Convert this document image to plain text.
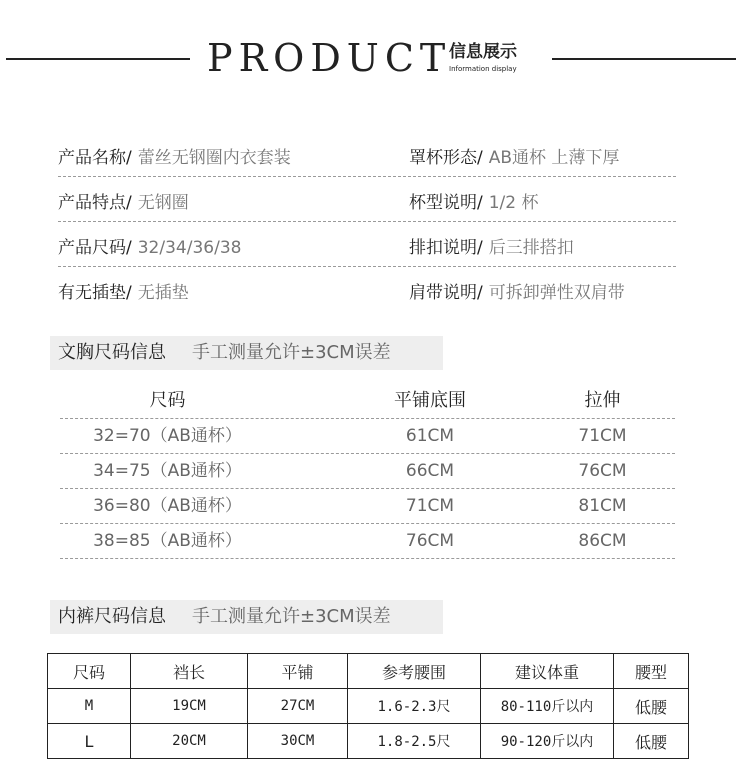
PRODUCT
信息展示
Information display
产品名称/ 蕾丝无钢圈内衣套装	罩杯形态/ AB通杯 上薄下厚
产品特点/ 无钢圈	杯型说明/ 1/2 杯
产品尺码/ 32/34/36/38	排扣说明/ 后三排搭扣
有无插垫/ 无插垫	肩带说明/ 可拆卸弹性双肩带
文胸尺码信息 手工测量允许±3CM误差
尺码	平铺底围	拉伸
32=70（AB通杯）	61CM	71CM
34=75（AB通杯）	66CM	76CM
36=80（AB通杯）	71CM	81CM
38=85（AB通杯）	76CM	86CM
内裤尺码信息 手工测量允许±3CM误差
尺码	裆长	平铺	参考腰围	建议体重	腰型
M	19CM	27CM	1.6-2.3尺	80-110斤以内	低腰
L	20CM	30CM	1.8-2.5尺	90-120斤以内	低腰
